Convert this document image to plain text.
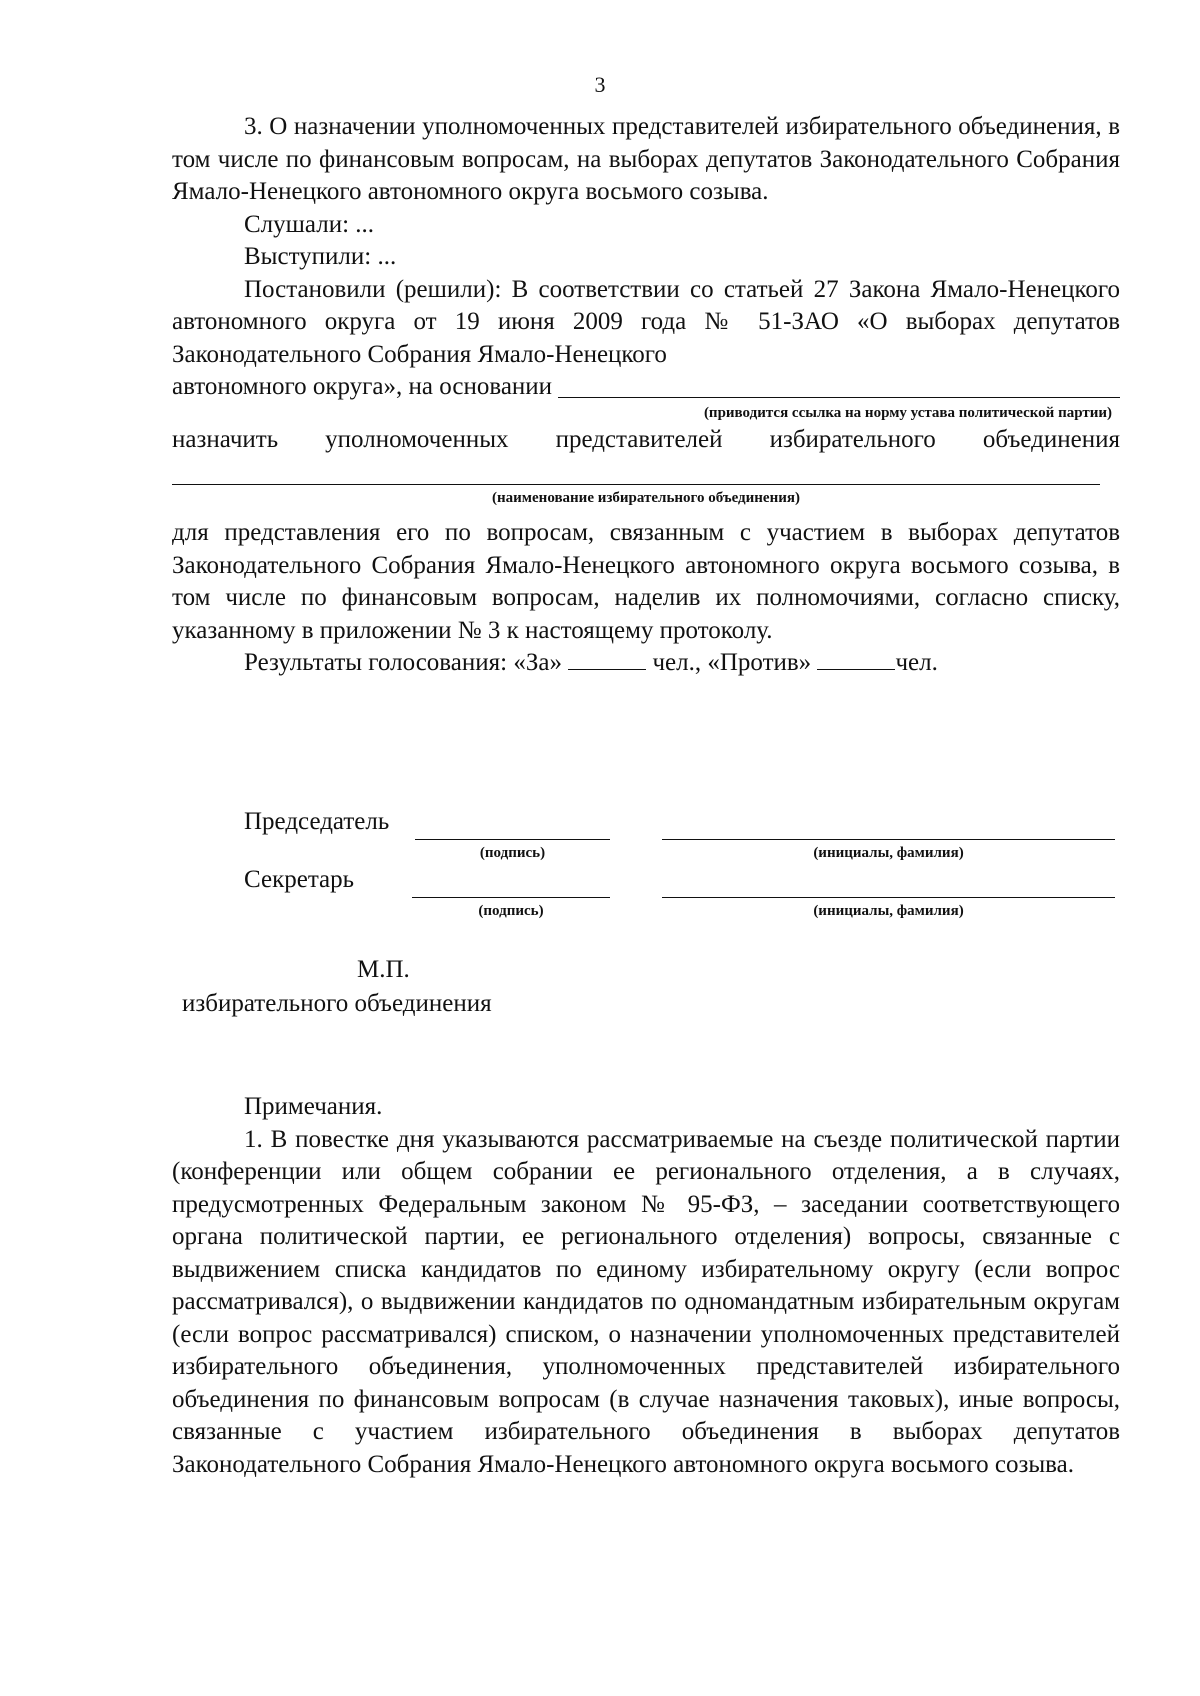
3

3. О назначении уполномоченных представителей избирательного объединения, в том числе по финансовым вопросам, на выборах депутатов Законодательного Собрания Ямало-Ненецкого автономного округа восьмого созыва.

Слушали: ...

Выступили: ...

Постановили (решили): В соответствии со статьей 27 Закона Ямало-Ненецкого автономного округа от 19 июня 2009 года № 51-ЗАО «О выборах депутатов Законодательного Собрания Ямало-Ненецкого

автономного округа», на основании
(приводится ссылка на норму устава политической партии)

назначить уполномоченных представителей избирательного объединения

(наименование избирательного объединения)

для представления его по вопросам, связанным с участием в выборах депутатов Законодательного Собрания Ямало-Ненецкого автономного округа восьмого созыва, в том числе по финансовым вопросам, наделив их полномочиями, согласно списку, указанному в приложении № 3 к настоящему протоколу.

Результаты голосования: «За»	чел., «Против»	чел.

Председатель
(подпись)	(инициалы, фамилия)
Секретарь
(подпись)	(инициалы, фамилия)
М.П.
избирательного объединения

Примечания.

1. В повестке дня указываются рассматриваемые на съезде политической партии (конференции или общем собрании ее регионального отделения, а в случаях, предусмотренных Федеральным законом № 95-ФЗ, – заседании соответствующего органа политической партии, ее регионального отделения) вопросы, связанные с выдвижением списка кандидатов по единому избирательному округу (если вопрос рассматривался), о выдвижении кандидатов по одномандатным избирательным округам (если вопрос рассматривался) списком, о назначении уполномоченных представителей избирательного объединения, уполномоченных представителей избирательного объединения по финансовым вопросам (в случае назначения таковых), иные вопросы, связанные с участием избирательного объединения в выборах депутатов Законодательного Собрания Ямало-Ненецкого автономного округа восьмого созыва.
